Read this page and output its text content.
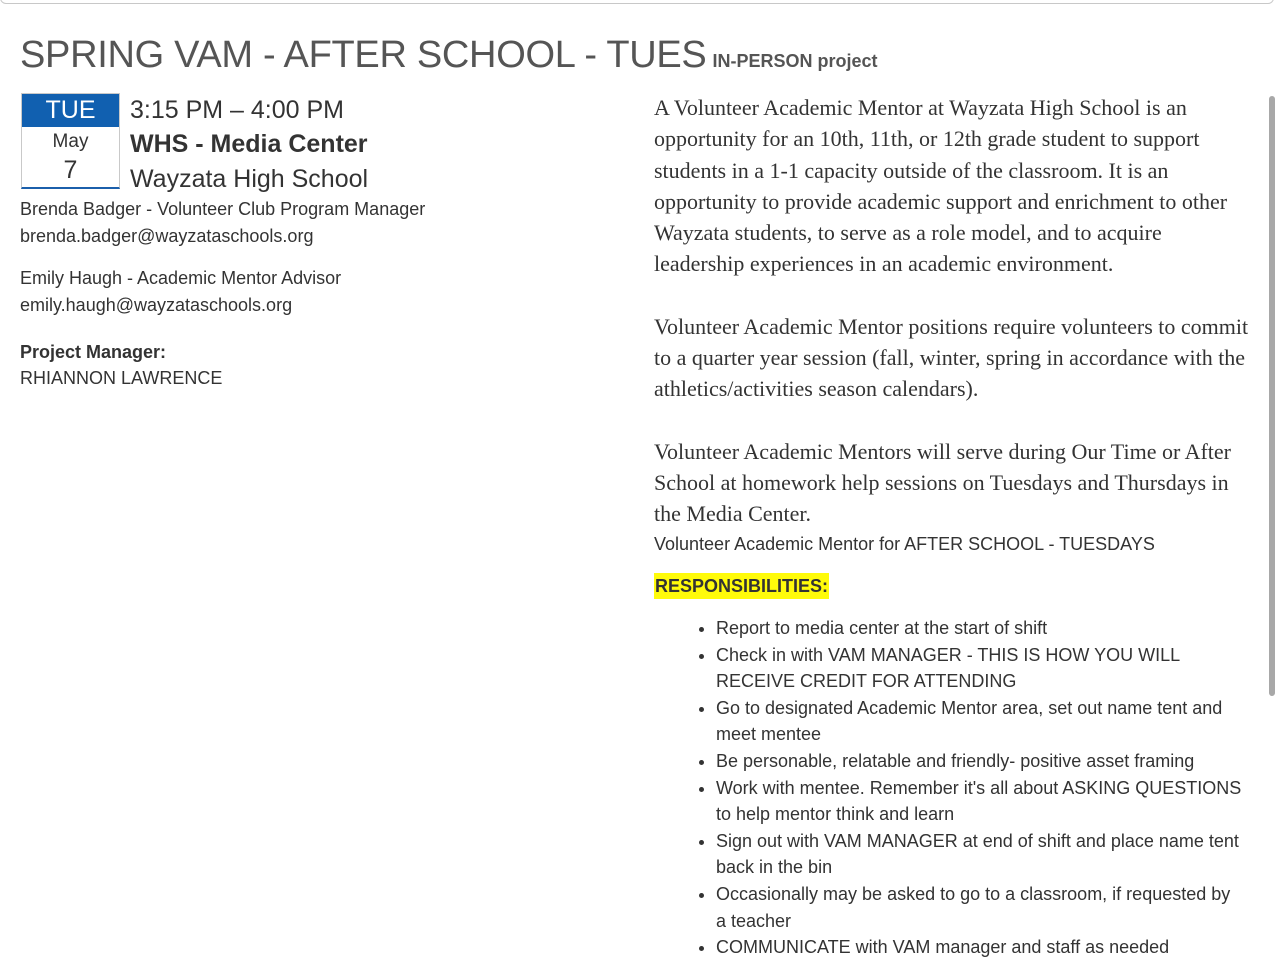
SPRING VAM - AFTER SCHOOL - TUES IN-PERSON project
TUE
May
7
3:15 PM – 4:00 PM
WHS - Media Center
Wayzata High School
Brenda Badger - Volunteer Club Program Manager
brenda.badger@wayzataschools.org
Emily Haugh - Academic Mentor Advisor
emily.haugh@wayzataschools.org
Project Manager:
RHIANNON LAWRENCE

A Volunteer Academic Mentor at Wayzata High School is an opportunity for an 10th, 11th, or 12th grade student to support students in a 1-1 capacity outside of the classroom. It is an opportunity to provide academic support and enrichment to other Wayzata students, to serve as a role model, and to acquire leadership experiences in an academic environment.

Volunteer Academic Mentor positions require volunteers to commit to a quarter year session (fall, winter, spring in accordance with the athletics/activities season calendars).

Volunteer Academic Mentors will serve during Our Time or After School at homework help sessions on Tuesdays and Thursdays in the Media Center.

Volunteer Academic Mentor for AFTER SCHOOL - TUESDAYS
RESPONSIBILITIES:
• Report to media center at the start of shift
• Check in with VAM MANAGER - THIS IS HOW YOU WILL RECEIVE CREDIT FOR ATTENDING
• Go to designated Academic Mentor area, set out name tent and meet mentee
• Be personable, relatable and friendly- positive asset framing
• Work with mentee. Remember it's all about ASKING QUESTIONS to help mentor think and learn
• Sign out with VAM MANAGER at end of shift and place name tent back in the bin
• Occasionally may be asked to go to a classroom, if requested by a teacher
• COMMUNICATE with VAM manager and staff as needed
